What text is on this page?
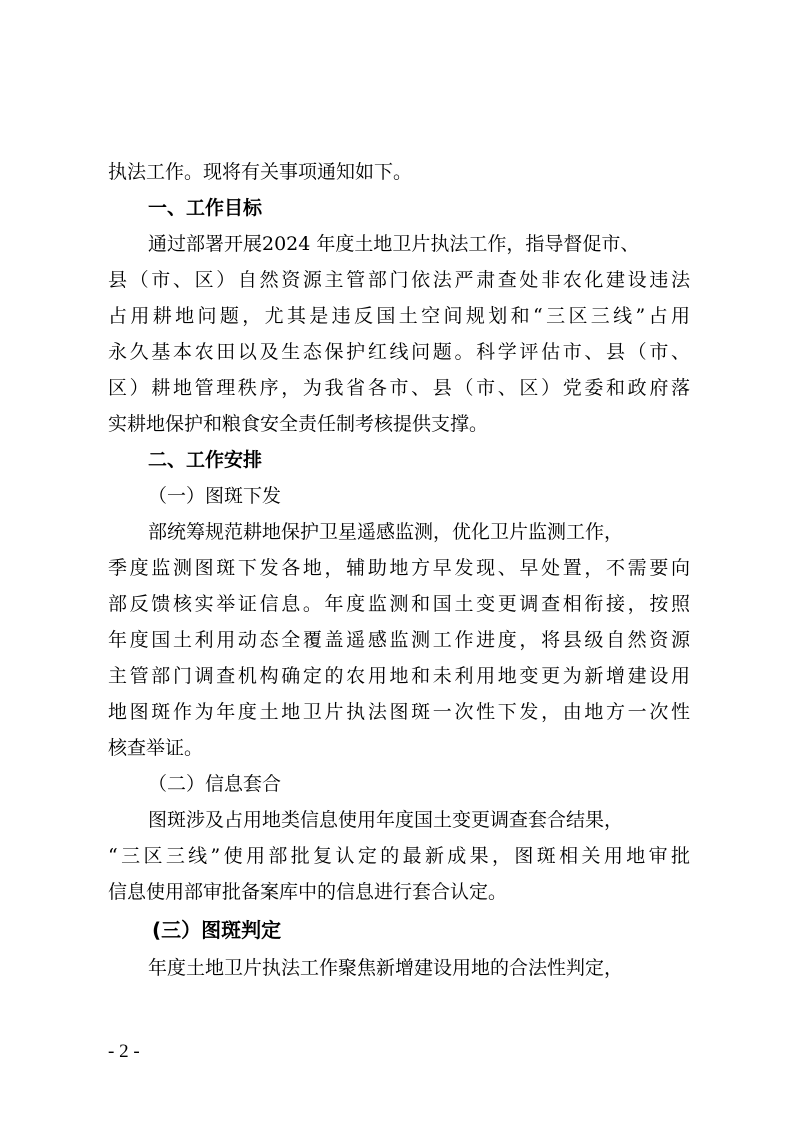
执法工作。现将有关事项通知如下。
一、工作目标
通过部署开展2024 年度土地卫片执法工作，指导督促市、
县（市、区）自然资源主管部门依法严肃查处非农化建设违法
占用耕地问题，尤其是违反国土空间规划和“三区三线”占用
永久基本农田以及生态保护红线问题。科学评估市、县（市、
区）耕地管理秩序，为我省各市、县（市、区）党委和政府落
实耕地保护和粮食安全责任制考核提供支撑。
二、工作安排
（一）图斑下发
部统筹规范耕地保护卫星遥感监测，优化卫片监测工作，
季度监测图斑下发各地，辅助地方早发现、早处置，不需要向
部反馈核实举证信息。年度监测和国土变更调查相衔接，按照
年度国土利用动态全覆盖遥感监测工作进度，将县级自然资源
主管部门调查机构确定的农用地和未利用地变更为新增建设用
地图斑作为年度土地卫片执法图斑一次性下发，由地方一次性
核查举证。
（二）信息套合
图斑涉及占用地类信息使用年度国土变更调查套合结果，
“三区三线”使用部批复认定的最新成果，图斑相关用地审批
信息使用部审批备案库中的信息进行套合认定。
(三）图斑判定
年度土地卫片执法工作聚焦新增建设用地的合法性判定，
- 2 -
